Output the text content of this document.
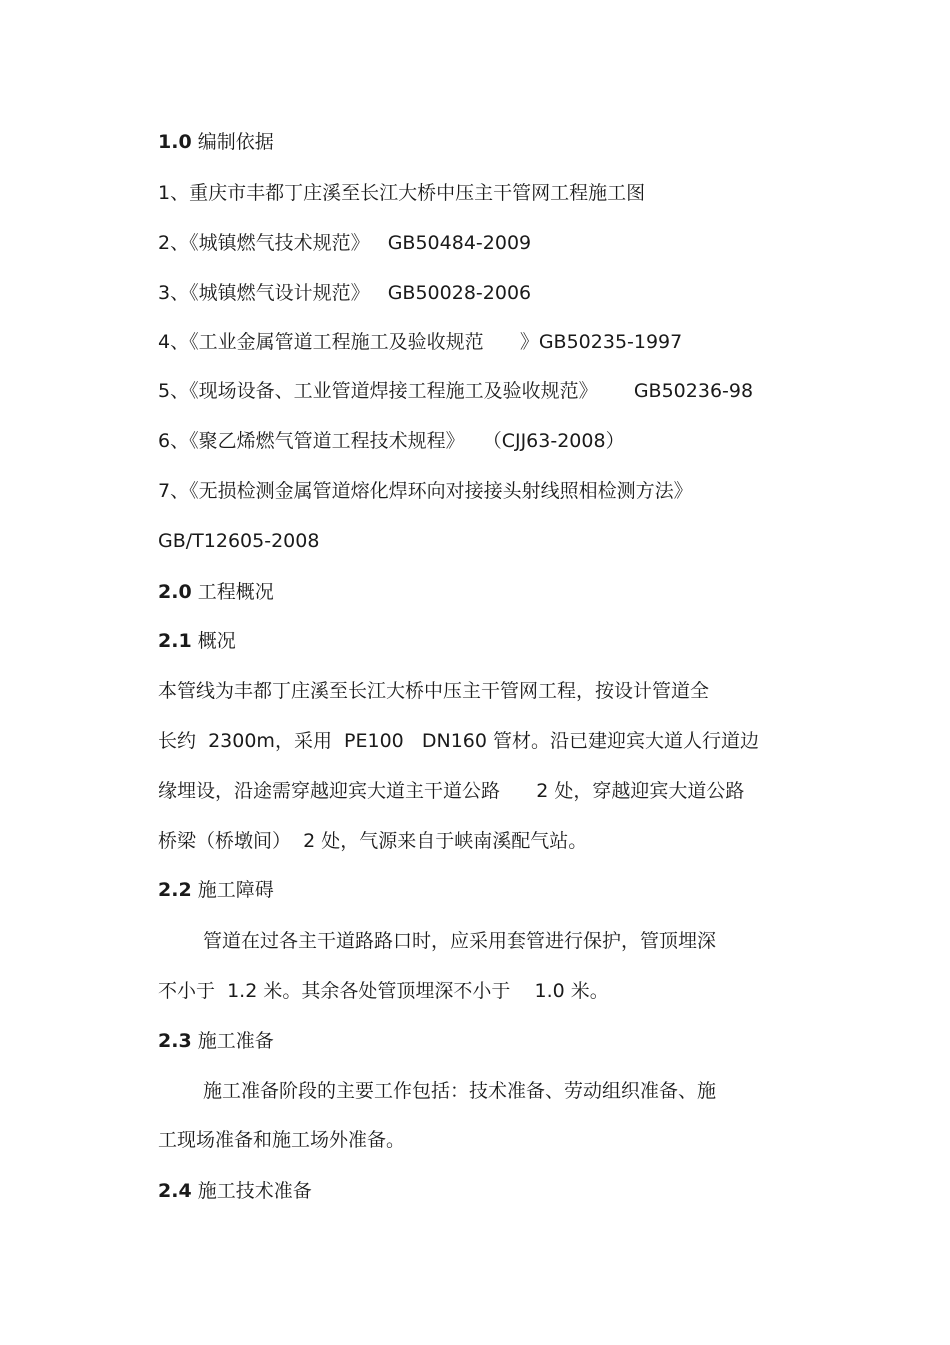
1.0 编制依据
1、重庆市丰都丁庄溪至长江大桥中压主干管网工程施工图
2、《城镇燃气技术规范》   GB50484-2009
3、《城镇燃气设计规范》   GB50028-2006
4、《工业金属管道工程施工及验收规范      》GB50235-1997
5、《现场设备、工业管道焊接工程施工及验收规范》      GB50236-98
6、《聚乙烯燃气管道工程技术规程》   （CJJ63-2008）
7、《无损检测金属管道熔化焊环向对接接头射线照相检测方法》
GB/T12605-2008
2.0 工程概况
2.1 概况
本管线为丰都丁庄溪至长江大桥中压主干管网工程，按设计管道全
长约  2300m，采用  PE100   DN160 管材。沿已建迎宾大道人行道边
缘埋设，沿途需穿越迎宾大道主干道公路      2 处，穿越迎宾大道公路
桥梁（桥墩间）  2 处，气源来自于峡南溪配气站。
2.2 施工障碍
管道在过各主干道路路口时，应采用套管进行保护，管顶埋深
不小于  1.2 米。其余各处管顶埋深不小于    1.0 米。
2.3 施工准备
施工准备阶段的主要工作包括：技术准备、劳动组织准备、施
工现场准备和施工场外准备。
2.4 施工技术准备
